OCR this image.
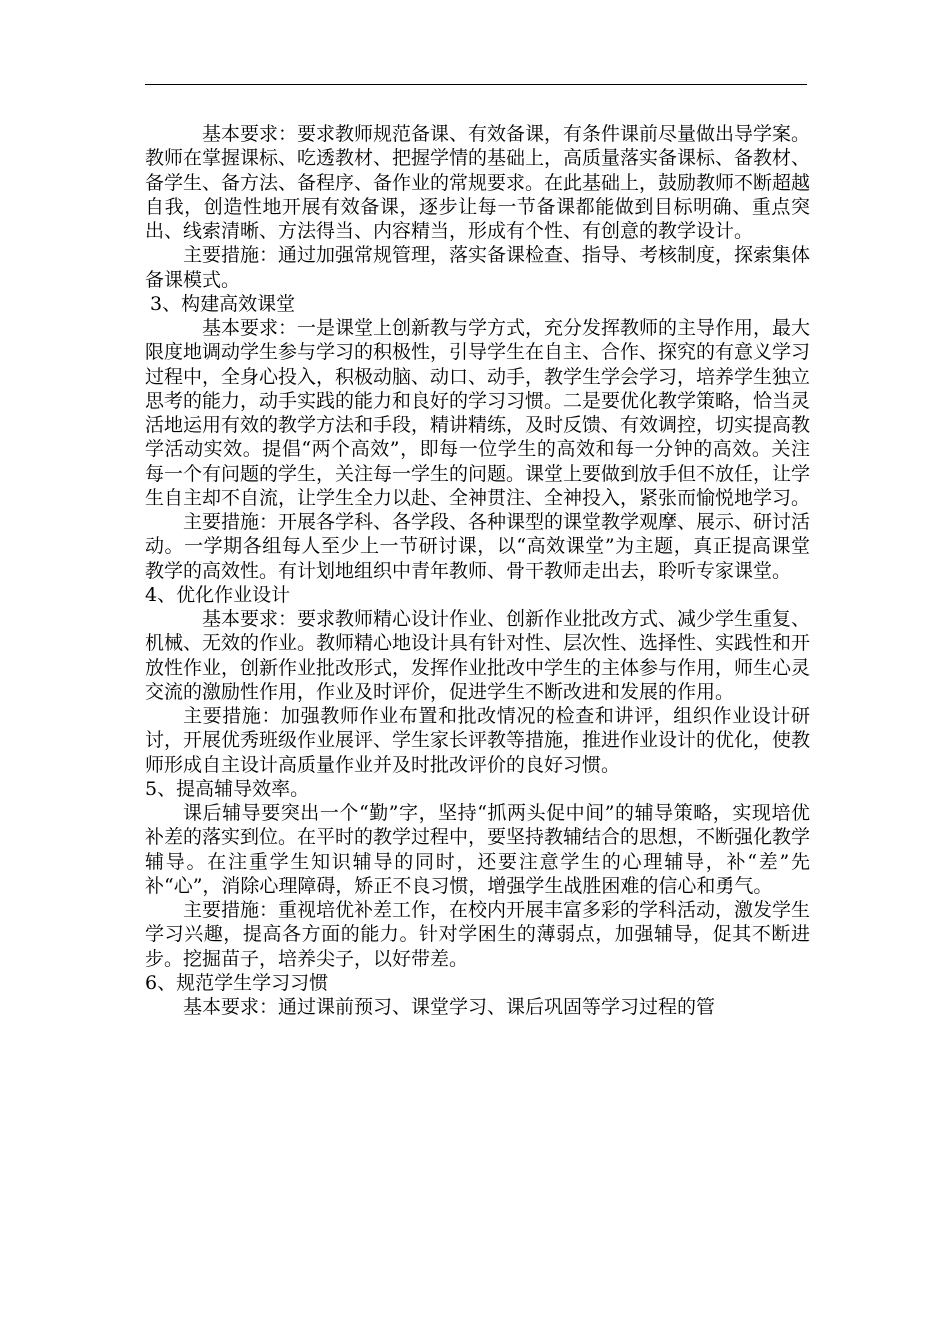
基本要求：要求教师规范备课、有效备课，有条件课前尽量做出导学案。教师在掌握课标、吃透教材、把握学情的基础上，高质量落实备课标、备教材、备学生、备方法、备程序、备作业的常规要求。在此基础上，鼓励教师不断超越自我，创造性地开展有效备课，逐步让每一节备课都能做到目标明确、重点突出、线索清晰、方法得当、内容精当，形成有个性、有创意的教学设计。

主要措施：通过加强常规管理，落实备课检查、指导、考核制度，探索集体备课模式。

3、构建高效课堂

基本要求：一是课堂上创新教与学方式，充分发挥教师的主导作用，最大限度地调动学生参与学习的积极性，引导学生在自主、合作、探究的有意义学习过程中，全身心投入，积极动脑、动口、动手，教学生学会学习，培养学生独立思考的能力，动手实践的能力和良好的学习习惯。二是要优化教学策略，恰当灵活地运用有效的教学方法和手段，精讲精练，及时反馈、有效调控，切实提高教学活动实效。提倡“两个高效”，即每一位学生的高效和每一分钟的高效。关注每一个有问题的学生，关注每一学生的问题。课堂上要做到放手但不放任，让学生自主却不自流，让学生全力以赴、全神贯注、全神投入，紧张而愉悦地学习。

主要措施：开展各学科、各学段、各种课型的课堂教学观摩、展示、研讨活动。一学期各组每人至少上一节研讨课，以“高效课堂”为主题，真正提高课堂教学的高效性。有计划地组织中青年教师、骨干教师走出去，聆听专家课堂。

4、优化作业设计

基本要求：要求教师精心设计作业、创新作业批改方式、减少学生重复、机械、无效的作业。教师精心地设计具有针对性、层次性、选择性、实践性和开放性作业，创新作业批改形式，发挥作业批改中学生的主体参与作用，师生心灵交流的激励性作用，作业及时评价，促进学生不断改进和发展的作用。

主要措施：加强教师作业布置和批改情况的检查和讲评，组织作业设计研讨，开展优秀班级作业展评、学生家长评教等措施，推进作业设计的优化，使教师形成自主设计高质量作业并及时批改评价的良好习惯。

5、提高辅导效率。

课后辅导要突出一个“勤”字，坚持“抓两头促中间”的辅导策略，实现培优补差的落实到位。在平时的教学过程中，要坚持教辅结合的思想，不断强化教学辅导。在注重学生知识辅导的同时，还要注意学生的心理辅导，补“差”先补“心”，消除心理障碍，矫正不良习惯，增强学生战胜困难的信心和勇气。

主要措施：重视培优补差工作，在校内开展丰富多彩的学科活动，激发学生学习兴趣，提高各方面的能力。针对学困生的薄弱点，加强辅导，促其不断进步。挖掘苗子，培养尖子，以好带差。

6、规范学生学习习惯

基本要求：通过课前预习、课堂学习、课后巩固等学习过程的管
